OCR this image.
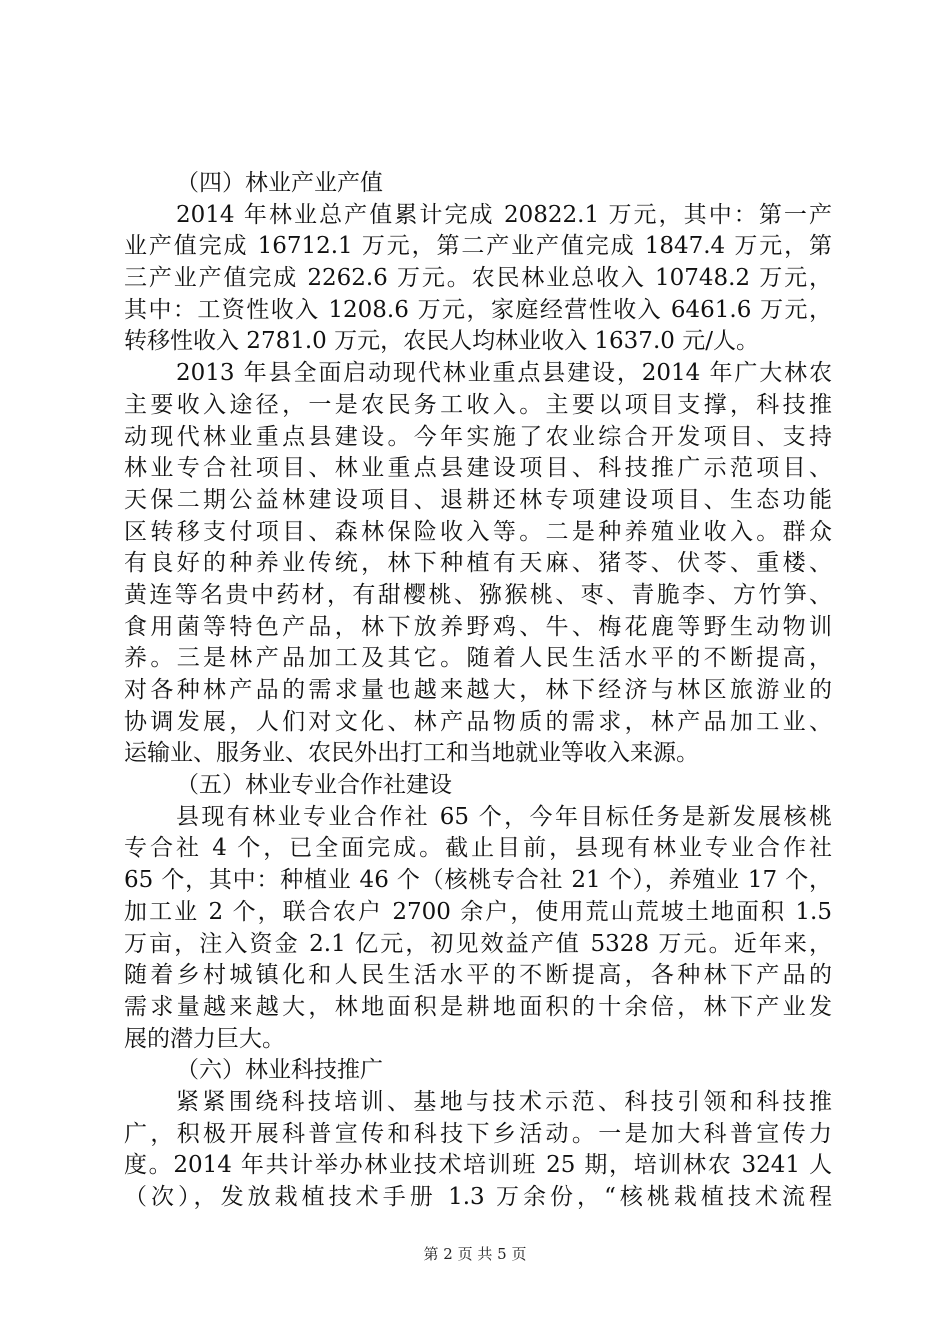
（四）林业产业产值
2014 年林业总产值累计完成 20822.1 万元，其中：第一产
业产值完成 16712.1 万元，第二产业产值完成 1847.4 万元，第
三产业产值完成 2262.6 万元。农民林业总收入 10748.2 万元，
其中：工资性收入 1208.6 万元，家庭经营性收入 6461.6 万元，
转移性收入 2781.0 万元，农民人均林业收入 1637.0 元/人。
2013 年县全面启动现代林业重点县建设，2014 年广大林农
主要收入途径，一是农民务工收入。主要以项目支撑，科技推
动现代林业重点县建设。今年实施了农业综合开发项目、支持
林业专合社项目、林业重点县建设项目、科技推广示范项目、
天保二期公益林建设项目、退耕还林专项建设项目、生态功能
区转移支付项目、森林保险收入等。二是种养殖业收入。群众
有良好的种养业传统，林下种植有天麻、猪苓、伏苓、重楼、
黄连等名贵中药材，有甜樱桃、猕猴桃、枣、青脆李、方竹笋、
食用菌等特色产品，林下放养野鸡、牛、梅花鹿等野生动物训
养。三是林产品加工及其它。随着人民生活水平的不断提高，
对各种林产品的需求量也越来越大，林下经济与林区旅游业的
协调发展，人们对文化、林产品物质的需求，林产品加工业、
运输业、服务业、农民外出打工和当地就业等收入来源。
（五）林业专业合作社建设
县现有林业专业合作社 65 个，今年目标任务是新发展核桃
专合社 4 个，已全面完成。截止目前，县现有林业专业合作社
65 个，其中：种植业 46 个（核桃专合社 21 个），养殖业 17 个，
加工业 2 个，联合农户 2700 余户，使用荒山荒坡土地面积 1.5
万亩，注入资金 2.1 亿元，初见效益产值 5328 万元。近年来，
随着乡村城镇化和人民生活水平的不断提高，各种林下产品的
需求量越来越大，林地面积是耕地面积的十余倍，林下产业发
展的潜力巨大。
（六）林业科技推广
紧紧围绕科技培训、基地与技术示范、科技引领和科技推
广，积极开展科普宣传和科技下乡活动。一是加大科普宣传力
度。2014 年共计举办林业技术培训班 25 期，培训林农 3241 人
（次），发放栽植技术手册 1.3 万余份，“核桃栽植技术流程
第 2 页 共 5 页
